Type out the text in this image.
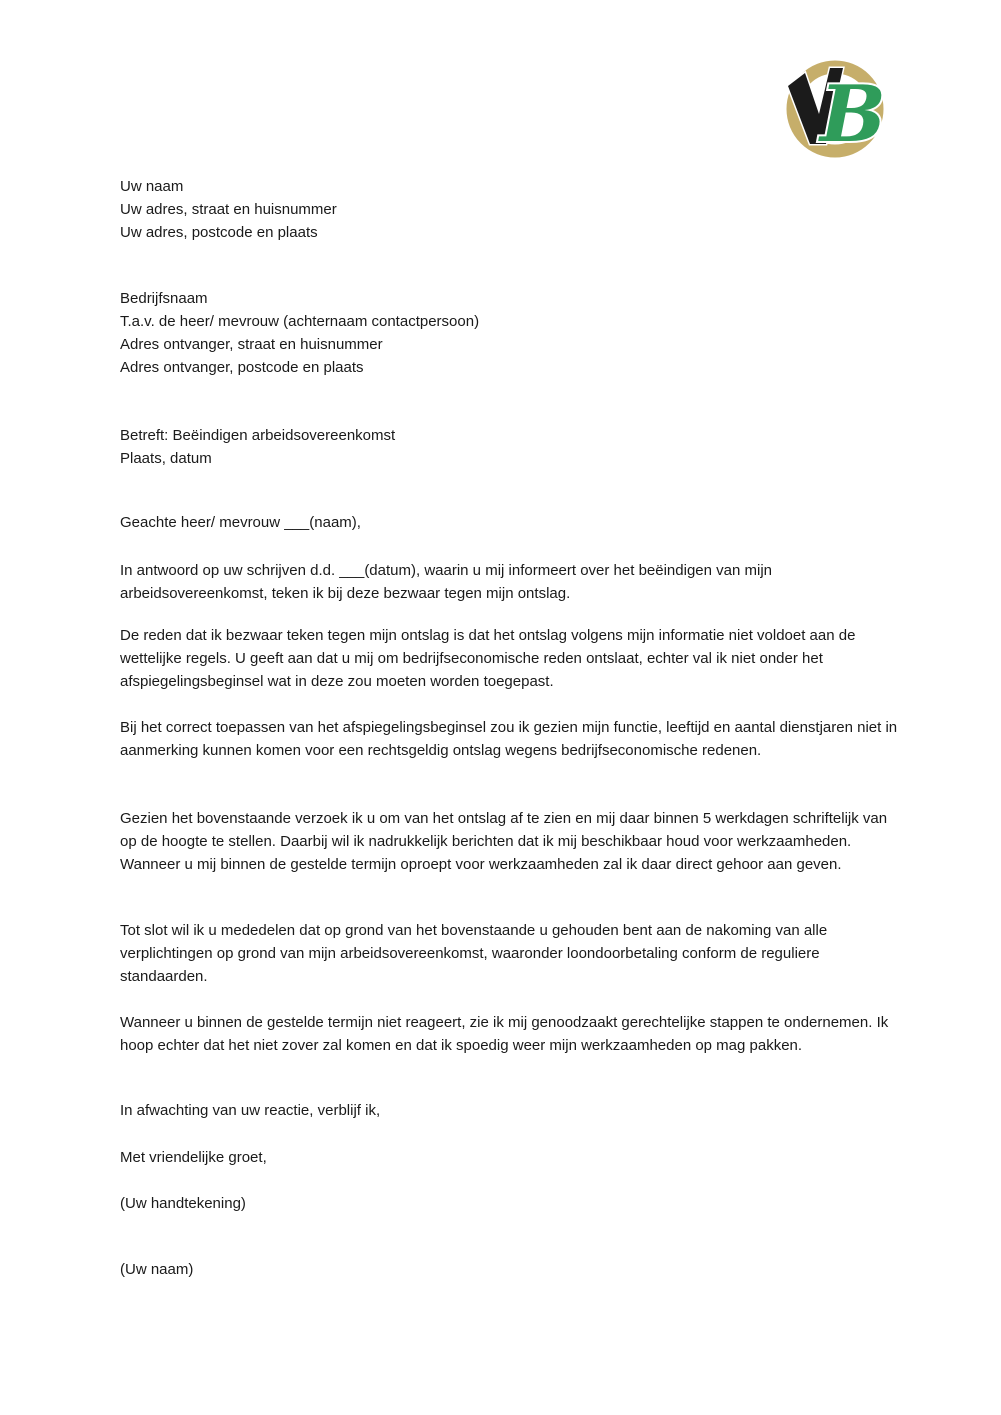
B
Uw naam
Uw adres, straat en huisnummer
Uw adres, postcode en plaats
Bedrijfsnaam
T.a.v. de heer/ mevrouw (achternaam contactpersoon)
Adres ontvanger, straat en huisnummer
Adres ontvanger, postcode en plaats
Betreft: Beëindigen arbeidsovereenkomst
Plaats, datum
Geachte heer/ mevrouw ___(naam),

In antwoord op uw schrijven d.d. ___(datum), waarin u mij informeert over het beëindigen van mijn arbeidsovereenkomst, teken ik bij deze bezwaar tegen mijn ontslag.

De reden dat ik bezwaar teken tegen mijn ontslag is dat het ontslag volgens mijn informatie niet voldoet aan de wettelijke regels. U geeft aan dat u mij om bedrijfseconomische reden ontslaat, echter val ik niet onder het afspiegelingsbeginsel wat in deze zou moeten worden toegepast.

Bij het correct toepassen van het afspiegelingsbeginsel zou ik gezien mijn functie, leeftijd en aantal dienstjaren niet in aanmerking kunnen komen voor een rechtsgeldig ontslag wegens bedrijfseconomische redenen.

Gezien het bovenstaande verzoek ik u om van het ontslag af te zien en mij daar binnen 5 werkdagen schriftelijk van op de hoogte te stellen. Daarbij wil ik nadrukkelijk berichten dat ik mij beschikbaar houd voor werkzaamheden. Wanneer u mij binnen de gestelde termijn oproept voor werkzaamheden zal ik daar direct gehoor aan geven.

Tot slot wil ik u mededelen dat op grond van het bovenstaande u gehouden bent aan de nakoming van alle verplichtingen op grond van mijn arbeidsovereenkomst, waaronder loondoorbetaling conform de reguliere standaarden.

Wanneer u binnen de gestelde termijn niet reageert, zie ik mij genoodzaakt gerechtelijke stappen te ondernemen. Ik hoop echter dat het niet zover zal komen en dat ik spoedig weer mijn werkzaamheden op mag pakken.

In afwachting van uw reactie, verblijf ik,
Met vriendelijke groet,
(Uw handtekening)
(Uw naam)
